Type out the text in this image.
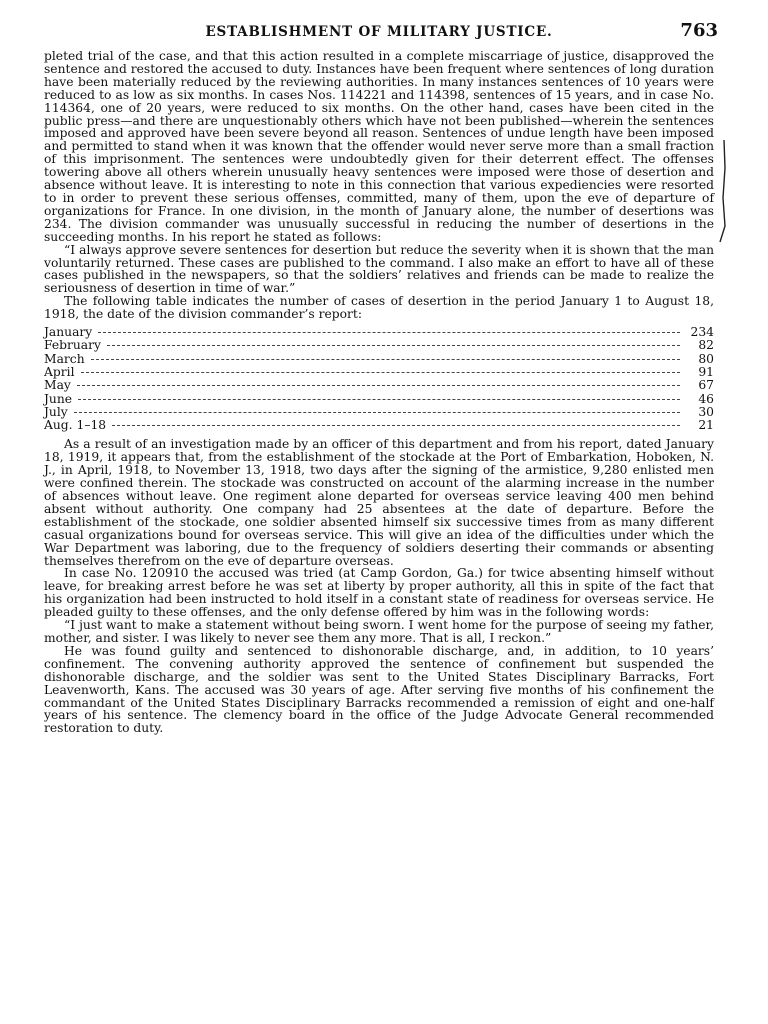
ESTABLISHMENT OF MILITARY JUSTICE.	763

pleted trial of the case, and that this action resulted in a complete miscarriage of justice, disapproved the sentence and restored the accused to duty. Instances have been frequent where sentences of long duration have been materially reduced by the reviewing authorities. In many instances sentences of 10 years were reduced to as low as six months. In cases Nos. 114221 and 114398, sentences of 15 years, and in case No. 114364, one of 20 years, were reduced to six months. On the other hand, cases have been cited in the public press—and there are unquestionably others which have not been published—wherein the sentences imposed and approved have been severe beyond all reason. Sentences of undue length have been imposed and permitted to stand when it was known that the offender would never serve more than a small fraction of this imprisonment. The sentences were undoubtedly given for their deterrent effect. The offenses towering above all others wherein unusually heavy sentences were imposed were those of desertion and absence without leave. It is interesting to note in this connection that various expediencies were resorted to in order to prevent these serious offenses, committed, many of them, upon the eve of departure of organizations for France. In one division, in the month of January alone, the number of desertions was 234. The division commander was unusually successful in reducing the number of desertions in the succeeding months. In his report he stated as follows:

“I always approve severe sentences for desertion but reduce the severity when it is shown that the man voluntarily returned. These cases are published to the command. I also make an effort to have all of these cases published in the newspapers, so that the soldiers’ relatives and friends can be made to realize the seriousness of desertion in time of war.”

The following table indicates the number of cases of desertion in the period January 1 to August 18, 1918, the date of the division commander’s report:

January	234
February	82
March	80
April	91
May	67
June	46
July	30
Aug. 1–18	21

As a result of an investigation made by an officer of this department and from his report, dated January 18, 1919, it appears that, from the establishment of the stockade at the Port of Embarkation, Hoboken, N. J., in April, 1918, to November 13, 1918, two days after the signing of the armistice, 9,280 enlisted men were confined therein. The stockade was constructed on account of the alarming increase in the number of absences without leave. One regiment alone departed for overseas service leaving 400 men behind absent without authority. One company had 25 absentees at the date of departure. Before the establishment of the stockade, one soldier absented himself six successive times from as many different casual organizations bound for overseas service. This will give an idea of the difficulties under which the War Department was laboring, due to the frequency of soldiers deserting their commands or absenting themselves therefrom on the eve of departure overseas.

In case No. 120910 the accused was tried (at Camp Gordon, Ga.) for twice absenting himself without leave, for breaking arrest before he was set at liberty by proper authority, all this in spite of the fact that his organization had been instructed to hold itself in a constant state of readiness for overseas service. He pleaded guilty to these offenses, and the only defense offered by him was in the following words:

“I just want to make a statement without being sworn. I went home for the purpose of seeing my father, mother, and sister. I was likely to never see them any more. That is all, I reckon.”

He was found guilty and sentenced to dishonorable discharge, and, in addition, to 10 years’ confinement. The convening authority approved the sentence of confinement but suspended the dishonorable discharge, and the soldier was sent to the United States Disciplinary Barracks, Fort Leavenworth, Kans. The accused was 30 years of age. After serving five months of his confinement the commandant of the United States Disciplinary Barracks recommended a remission of eight and one-half years of his sentence. The clemency board in the office of the Judge Advocate General recommended restoration to duty.
